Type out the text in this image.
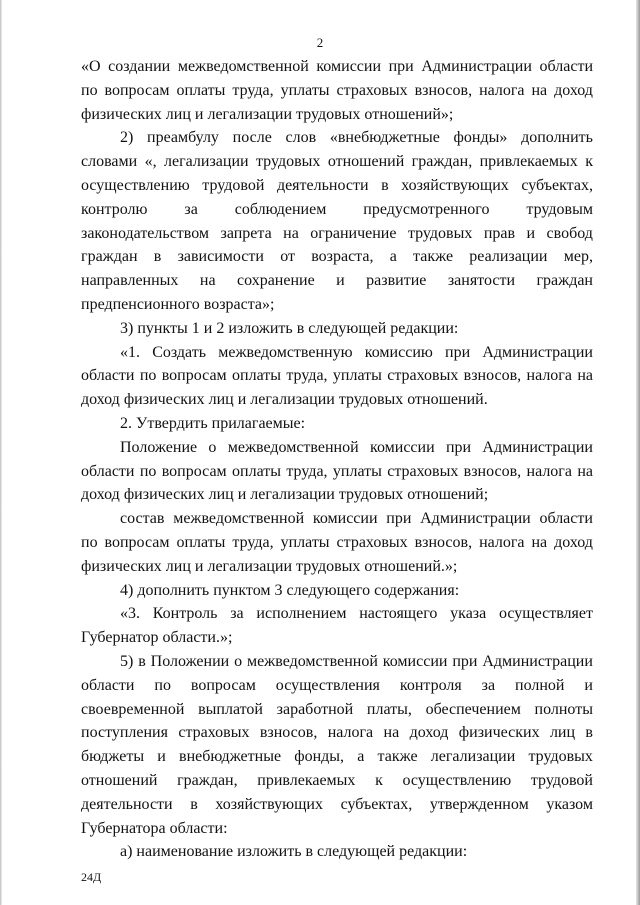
2
«О создании межведомственной комиссии при Администрации области
по вопросам оплаты труда, уплаты страховых взносов, налога на доход
физических лиц и легализации трудовых отношений»;
2) преамбулу после слов «внебюджетные фонды» дополнить
словами «, легализации трудовых отношений граждан, привлекаемых к
осуществлению трудовой деятельности в хозяйствующих субъектах,
контролю за соблюдением предусмотренного трудовым
законодательством запрета на ограничение трудовых прав и свобод
граждан в зависимости от возраста, а также реализации мер,
направленных на сохранение и развитие занятости граждан
предпенсионного возраста»;
3) пункты 1 и 2 изложить в следующей редакции:
«1. Создать межведомственную комиссию при Администрации
области по вопросам оплаты труда, уплаты страховых взносов, налога на
доход физических лиц и легализации трудовых отношений.
2. Утвердить прилагаемые:
Положение о межведомственной комиссии при Администрации
области по вопросам оплаты труда, уплаты страховых взносов, налога на
доход физических лиц и легализации трудовых отношений;
состав межведомственной комиссии при Администрации области
по вопросам оплаты труда, уплаты страховых взносов, налога на доход
физических лиц и легализации трудовых отношений.»;
4) дополнить пунктом 3 следующего содержания:
«3. Контроль за исполнением настоящего указа осуществляет
Губернатор области.»;
5) в Положении о межведомственной комиссии при Администрации
области по вопросам осуществления контроля за полной и
своевременной выплатой заработной платы, обеспечением полноты
поступления страховых взносов, налога на доход физических лиц в
бюджеты и внебюджетные фонды, а также легализации трудовых
отношений граждан, привлекаемых к осуществлению трудовой
деятельности в хозяйствующих субъектах, утвержденном указом
Губернатора области:
а) наименование изложить в следующей редакции:
24Д
